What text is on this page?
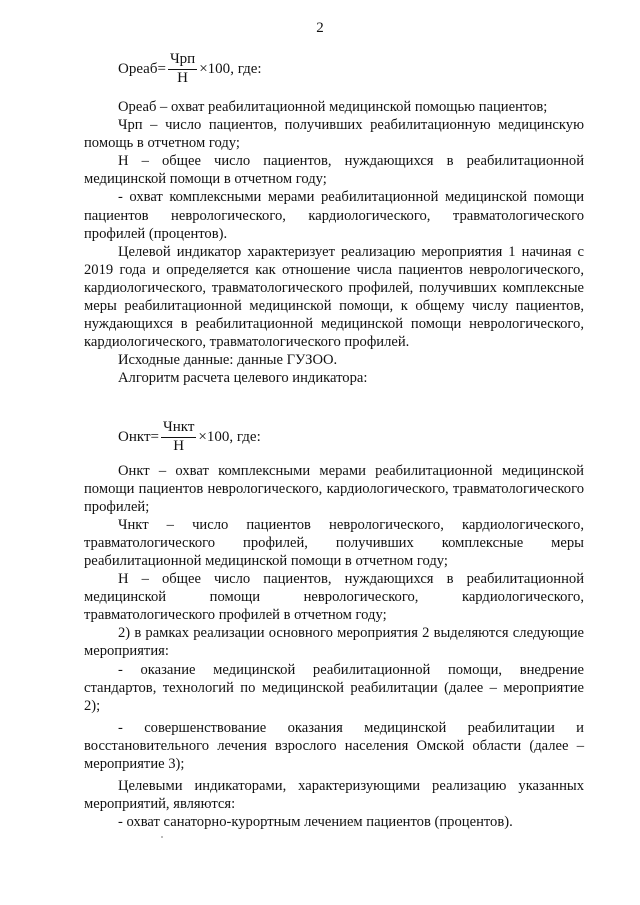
2
Ореаб = $\frac{\text{Чрп}}{Н} \times 100$ , где:
Онкт = $\frac{\text{Чнкт}}{Н} \times 100$ , где:

Ореаб – охват реабилитационной медицинской помощью пациентов;

Чрп – число пациентов, получивших реабилитационную медицинскую помощь в отчетном году;

Н – общее число пациентов, нуждающихся в реабилитационной медицинской помощи в отчетном году;

- охват комплексными мерами реабилитационной медицинской помощи пациентов неврологического, кардиологического, травматологического профилей (процентов).

Целевой индикатор характеризует реализацию мероприятия 1 начиная с 2019 года и определяется как отношение числа пациентов неврологического, кардиологического, травматологического профилей, получивших комплексные меры реабилитационной медицинской помощи, к общему числу пациентов, нуждающихся в реабилитационной медицинской помощи неврологического, кардиологического, травматологического профилей.

Исходные данные: данные ГУЗОО.

Алгоритм расчета целевого индикатора:

Онкт – охват комплексными мерами реабилитационной медицинской помощи пациентов неврологического, кардиологического, травматологического профилей;

Чнкт – число пациентов неврологического, кардиологического, травматологического профилей, получивших комплексные меры реабилитационной медицинской помощи в отчетном году;

Н – общее число пациентов, нуждающихся в реабилитационной медицинской помощи неврологического, кардиологического, травматологического профилей в отчетном году;

2) в рамках реализации основного мероприятия 2 выделяются следующие мероприятия:

- оказание медицинской реабилитационной помощи, внедрение стандартов, технологий по медицинской реабилитации (далее – мероприятие 2);

- совершенствование оказания медицинской реабилитации и восстановительного лечения взрослого населения Омской области (далее – мероприятие 3);

Целевыми индикаторами, характеризующими реализацию указанных мероприятий, являются:

- охват санаторно-курортным лечением пациентов (процентов).
